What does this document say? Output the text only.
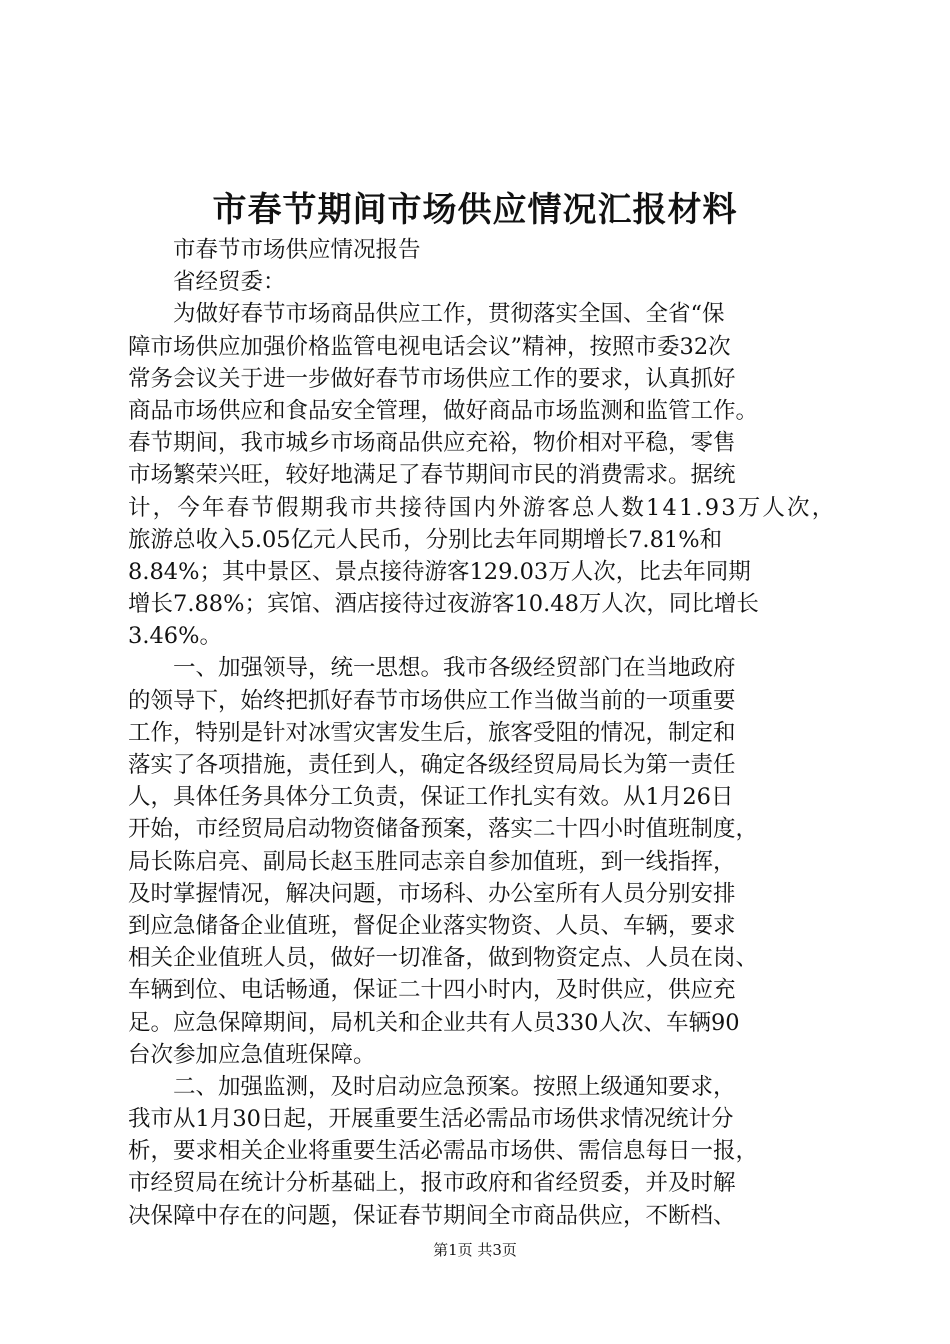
市春节期间市场供应情况汇报材料
　　市春节市场供应情况报告
　　省经贸委：
　　为做好春节市场商品供应工作，贯彻落实全国、全省“保
障市场供应加强价格监管电视电话会议”精神，按照市委32次
常务会议关于进一步做好春节市场供应工作的要求，认真抓好
商品市场供应和食品安全管理，做好商品市场监测和监管工作。
春节期间，我市城乡市场商品供应充裕，物价相对平稳，零售
市场繁荣兴旺，较好地满足了春节期间市民的消费需求。据统
计，今年春节假期我市共接待国内外游客总人数141.93万人次，
旅游总收入5.05亿元人民币，分别比去年同期增长7.81%和
8.84%；其中景区、景点接待游客129.03万人次，比去年同期
增长7.88%；宾馆、酒店接待过夜游客10.48万人次，同比增长
3.46%。
　　一、加强领导，统一思想。我市各级经贸部门在当地政府
的领导下，始终把抓好春节市场供应工作当做当前的一项重要
工作，特别是针对冰雪灾害发生后，旅客受阻的情况，制定和
落实了各项措施，责任到人，确定各级经贸局局长为第一责任
人，具体任务具体分工负责，保证工作扎实有效。从1月26日
开始，市经贸局启动物资储备预案，落实二十四小时值班制度，
局长陈启亮、副局长赵玉胜同志亲自参加值班，到一线指挥，
及时掌握情况，解决问题，市场科、办公室所有人员分别安排
到应急储备企业值班，督促企业落实物资、人员、车辆，要求
相关企业值班人员，做好一切准备，做到物资定点、人员在岗、
车辆到位、电话畅通，保证二十四小时内，及时供应，供应充
足。应急保障期间，局机关和企业共有人员330人次、车辆90
台次参加应急值班保障。
　　二、加强监测，及时启动应急预案。按照上级通知要求，
我市从1月30日起，开展重要生活必需品市场供求情况统计分
析，要求相关企业将重要生活必需品市场供、需信息每日一报，
市经贸局在统计分析基础上，报市政府和省经贸委，并及时解
决保障中存在的问题，保证春节期间全市商品供应，不断档、
第1页 共3页
